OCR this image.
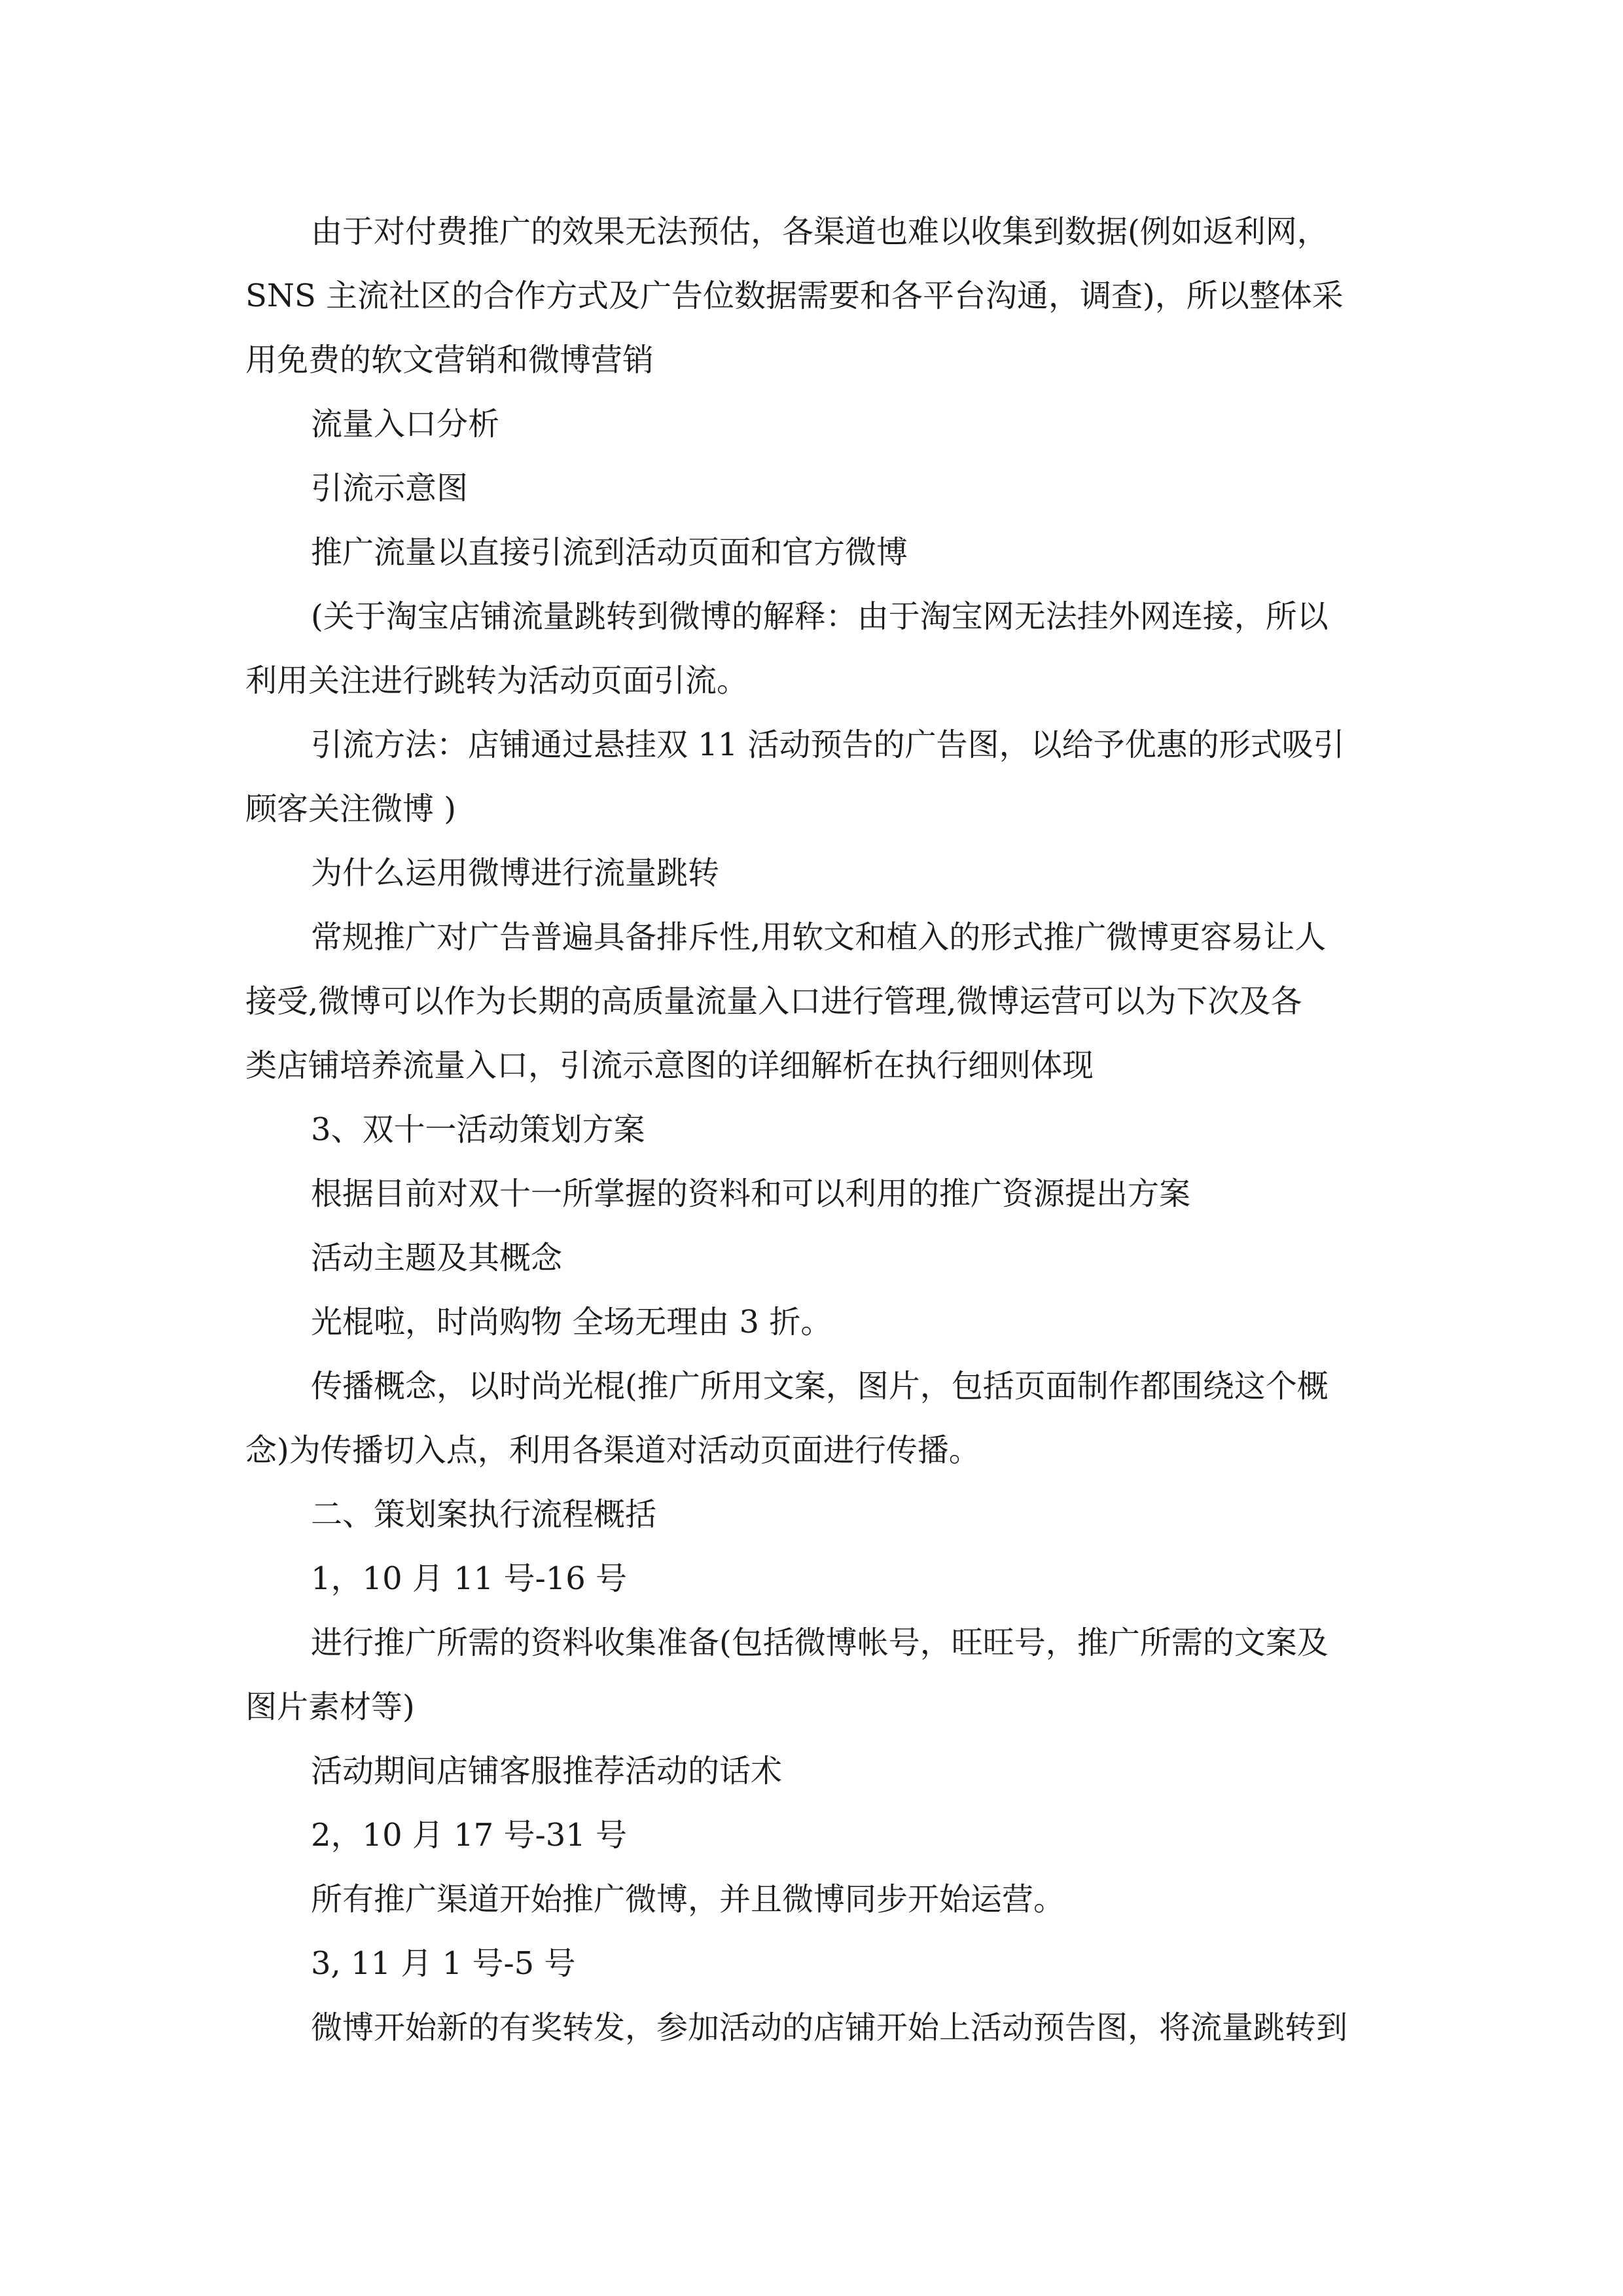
由于对付费推广的效果无法预估，各渠道也难以收集到数据(例如返利网，
SNS 主流社区的合作方式及广告位数据需要和各平台沟通，调查)，所以整体采
用免费的软文营销和微博营销
流量入口分析
引流示意图
推广流量以直接引流到活动页面和官方微博
(关于淘宝店铺流量跳转到微博的解释：由于淘宝网无法挂外网连接，所以
利用关注进行跳转为活动页面引流。
引流方法：店铺通过悬挂双 11 活动预告的广告图，以给予优惠的形式吸引
顾客关注微博 )
为什么运用微博进行流量跳转
常规推广对广告普遍具备排斥性,用软文和植入的形式推广微博更容易让人
接受,微博可以作为长期的高质量流量入口进行管理,微博运营可以为下次及各
类店铺培养流量入口，引流示意图的详细解析在执行细则体现
3、双十一活动策划方案
根据目前对双十一所掌握的资料和可以利用的推广资源提出方案
活动主题及其概念
光棍啦，时尚购物 全场无理由 3 折。
传播概念，以时尚光棍(推广所用文案，图片，包括页面制作都围绕这个概
念)为传播切入点，利用各渠道对活动页面进行传播。
二、策划案执行流程概括
1，10 月 11 号-16 号
进行推广所需的资料收集准备(包括微博帐号，旺旺号，推广所需的文案及
图片素材等)
活动期间店铺客服推荐活动的话术
2，10 月 17 号-31 号
所有推广渠道开始推广微博，并且微博同步开始运营。
3, 11 月 1 号-5 号
微博开始新的有奖转发，参加活动的店铺开始上活动预告图，将流量跳转到
